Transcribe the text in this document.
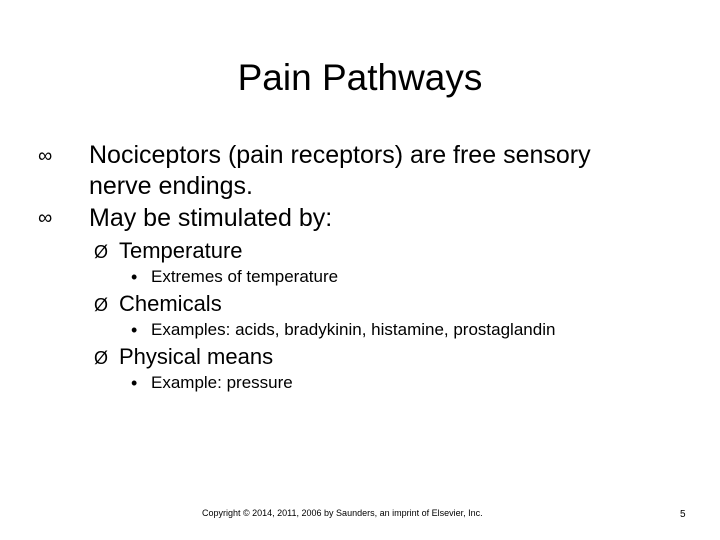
Pain Pathways
∞ Nociceptors (pain receptors) are free sensory
nerve endings.
∞ May be stimulated by:
Ø Temperature
• Extremes of temperature
Ø Chemicals
• Examples: acids, bradykinin, histamine, prostaglandin
Ø Physical means
• Example: pressure
Copyright © 2014, 2011, 2006 by Saunders, an imprint of Elsevier, Inc.	5
